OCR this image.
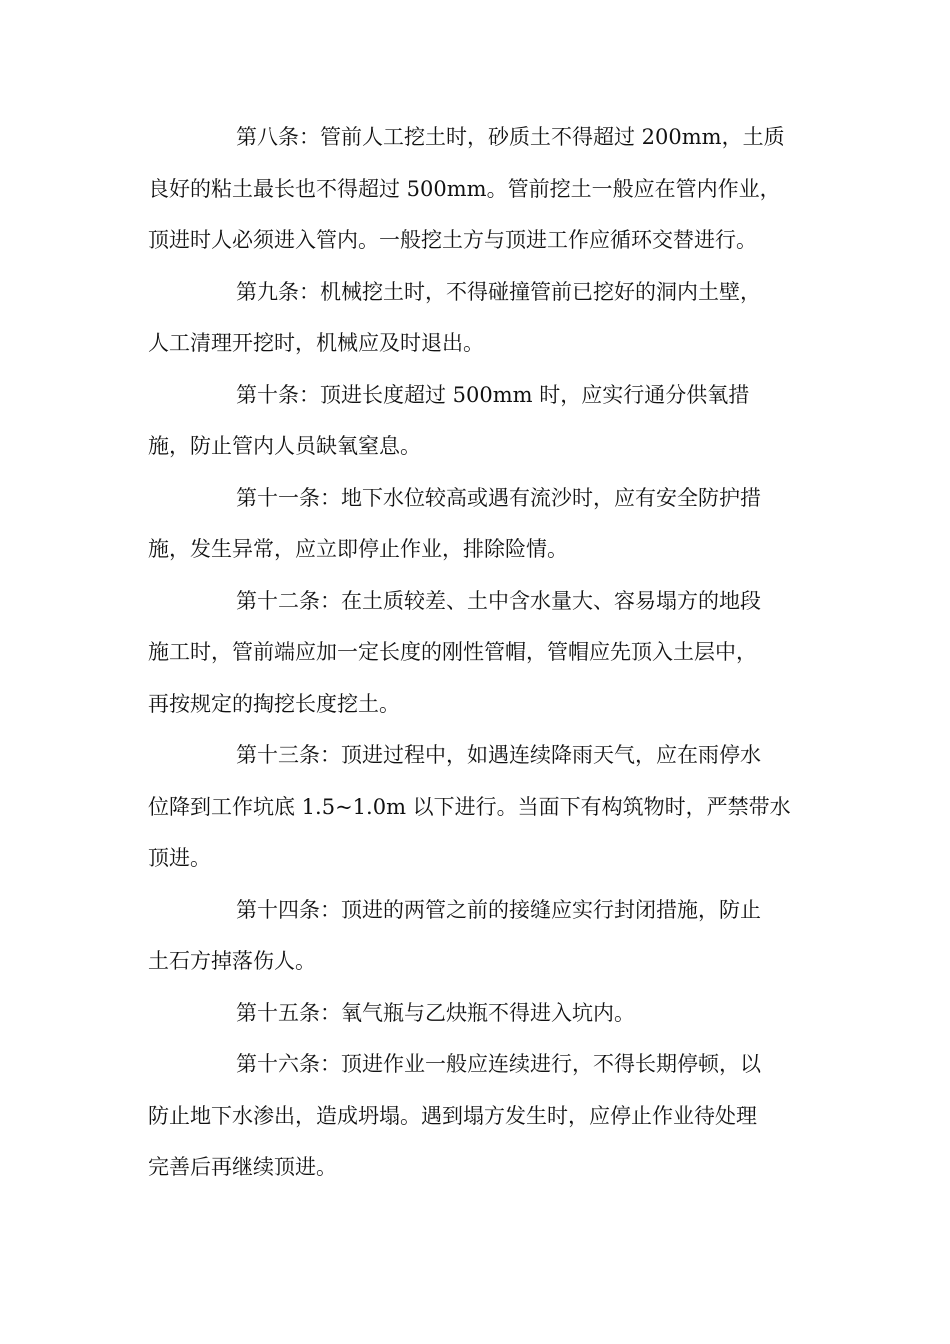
第八条：管前人工挖土时，砂质土不得超过 200mm，土质
良好的粘土最长也不得超过 500mm。管前挖土一般应在管内作业，
顶进时人必须进入管内。一般挖土方与顶进工作应循环交替进行。
第九条：机械挖土时，不得碰撞管前已挖好的洞内土壁，
人工清理开挖时，机械应及时退出。
第十条：顶进长度超过 500mm 时，应实行通分供氧措
施，防止管内人员缺氧窒息。
第十一条：地下水位较高或遇有流沙时，应有安全防护措
施，发生异常，应立即停止作业，排除险情。
第十二条：在土质较差、土中含水量大、容易塌方的地段
施工时，管前端应加一定长度的刚性管帽，管帽应先顶入土层中，
再按规定的掏挖长度挖土。
第十三条：顶进过程中，如遇连续降雨天气，应在雨停水
位降到工作坑底 1.5~1.0m 以下进行。当面下有构筑物时，严禁带水
顶进。
第十四条：顶进的两管之前的接缝应实行封闭措施，防止
土石方掉落伤人。
第十五条：氧气瓶与乙炔瓶不得进入坑内。
第十六条：顶进作业一般应连续进行，不得长期停顿，以
防止地下水渗出，造成坍塌。遇到塌方发生时，应停止作业待处理
完善后再继续顶进。
